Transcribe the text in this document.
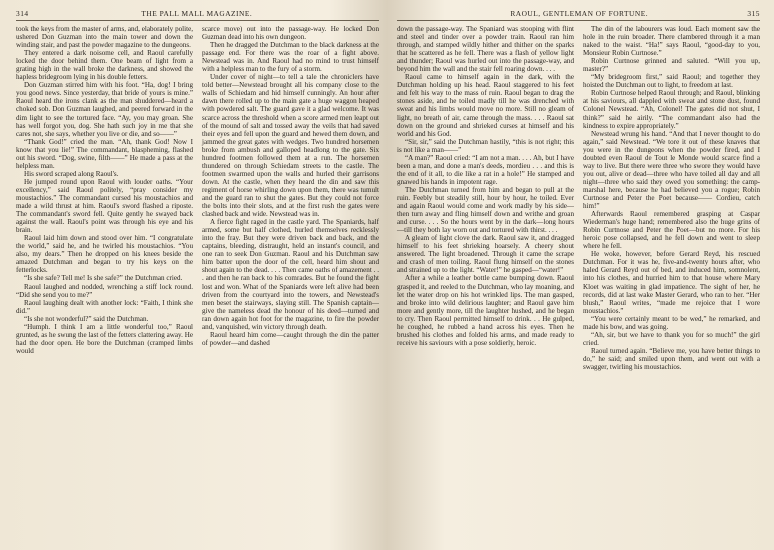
314	THE PALL MALL MAGAZINE.

took the keys from the master of arms, and, elaborately polite, ushered Don Guzman into the main tower and down the winding stair, and past the powder magazine to the dungeons.

They entered a dark noisome cell, and Raoul carefully locked the door behind them. One beam of light from a grating high in the wall broke the darkness, and showed the hapless bridegroom lying in his double fetters.

Don Guzman stirred him with his foot. “Ha, dog! I bring you good news. Since yesterday, that bride of yours is mine.” Raoul heard the irons clank as the man shuddered—heard a choked sob. Don Guzman laughed, and peered forward in the dim light to see the tortured face. “Ay, you may groan. She has well forgot you, dog. She hath such joy in me that she cares not, she says, whether you live or die, and so——”

“Thank God!” cried the man. “Ah, thank God! Now I know that you lie!” The commandant, blaspheming, flashed out his sword. “Dog, swine, filth——” He made a pass at the helpless man.

His sword scraped along Raoul's.

He jumped round upon Raoul with louder oaths. “Your excellency,” said Raoul politely, “pray consider my moustachios.” The commandant cursed his moustachios and made a wild thrust at him. Raoul's sword flashed a riposte. The commandant's sword fell. Quite gently he swayed back against the wall. Raoul's point was through his eye and his brain.

Raoul laid him down and stood over him. “I congratulate the world,” said he, and he twirled his moustachios. “You also, my dears.” Then he dropped on his knees beside the amazed Dutchman and began to try his keys on the fetterlocks.

“Is she safe? Tell me! Is she safe?” the Dutchman cried.

Raoul laughed and nodded, wrenching a stiff lock round. “Did she send you to me?”

Raoul laughing dealt with another lock: “Faith, I think she did.”

“Is she not wonderful?” said the Dutchman.

“Humph. I think I am a little wonderful too,” Raoul grunted, as he swung the last of the fetters clattering away. He had the door open. He bore the Dutchman (cramped limbs would

scarce move) out into the passage-way. He locked Don Guzman dead into his own dungeon.

Then he dragged the Dutchman to the black darkness at the passage end. For there was the roar of a fight above. Newstead was in. And Raoul had no mind to trust himself with a helpless man to the fury of a storm.

Under cover of night—to tell a tale the chroniclers have told better—Newstead brought all his company close to the walls of Schiedam and hid himself cunningly. An hour after dawn there rolled up to the main gate a huge waggon heaped with powdered salt. The guard gave it a glad welcome. It was scarce across the threshold when a score armed men leapt out of the mound of salt and tossed away the veils that had saved their eyes and fell upon the guard and hewed them down, and jammed the great gates with wedges. Two hundred horsemen broke from ambush and galloped headlong to the gate. Six hundred footmen followed them at a run. The horsemen thundered on through Schiedam streets to the castle. The footmen swarmed upon the walls and hurled their garrisons down. At the castle, when they heard the din and saw this regiment of horse whirling down upon them, there was tumult and the guard ran to shut the gates. But they could not force the bolts into their slots, and at the first rush the gates were clashed back and wide. Newstead was in.

A fierce fight raged in the castle yard. The Spaniards, half armed, some but half clothed, hurled themselves recklessly into the fray. But they were driven back and back, and the captains, bleeding, distraught, held an instant's council, and one ran to seek Don Guzman. Raoul and his Dutchman saw him batter upon the door of the cell, heard him shout and shout again to the dead. . . . Then came oaths of amazement . . . and then he ran back to his comrades. But he found the fight lost and won. What of the Spaniards were left alive had been driven from the courtyard into the towers, and Newstead's men beset the stairways, slaying still. The Spanish captain—give the nameless dead the honour of his deed—turned and ran down again hot foot for the magazine, to fire the powder and, vanquished, win victory through death.

Raoul heard him come—caught through the din the patter of powder—and dashed

RAOUL, GENTLEMAN OF FORTUNE.	315

down the passage-way. The Spaniard was stooping with flint and steel and tinder over a powder train. Raoul ran him through, and stamped wildly hither and thither on the sparks that he scattered as he fell. There was a flash of yellow light and thunder; Raoul was hurled out into the passage-way, and beyond him the wall and the stair fell roaring down. . . .

Raoul came to himself again in the dark, with the Dutchman holding up his head. Raoul staggered to his feet and felt his way to the mass of ruin. Raoul began to drag the stones aside, and he toiled madly till he was drenched with sweat and his limbs would move no more. Still no gleam of light, no breath of air, came through the mass. . . . Raoul sat down on the ground and shrieked curses at himself and his world and his God.

“Sir, sir,” said the Dutchman hastily, “this is not right; this is not like a man——”

“A man?” Raoul cried: “I am not a man. . . . Ah, but I have been a man, and done a man's deeds, mordieu . . . and this is the end of it all, to die like a rat in a hole!” He stamped and gnawed his hands in impotent rage.

The Dutchman turned from him and began to pull at the ruin. Feebly but steadily still, hour by hour, he toiled. Ever and again Raoul would come and work madly by his side—then turn away and fling himself down and writhe and groan and curse. . . . So the hours went by in the dark—long hours—till they both lay worn out and tortured with thirst. . . .

A gleam of light clove the dark. Raoul saw it, and dragged himself to his feet shrieking hoarsely. A cheery shout answered. The light broadened. Through it came the scrape and crash of men toiling. Raoul flung himself on the stones and strained up to the light. “Water!” he gasped—“water!”

After a while a leather bottle came bumping down. Raoul grasped it, and reeled to the Dutchman, who lay moaning, and let the water drop on his hot wrinkled lips. The man gasped, and broke into wild delirious laughter; and Raoul gave him more and gently more, till the laughter hushed, and he began to cry. Then Raoul permitted himself to drink. . . He gulped, he coughed, he rubbed a hand across his eyes. Then he brushed his clothes and folded his arms, and made ready to receive his saviours with a pose soldierly, heroic.

The din of the labourers was loud. Each moment saw the hole in the ruin broader. There clambered through it a man naked to the waist. “Ha!” says Raoul, “good-day to you, Monsieur Robin Curtnose.”

Robin Curtnose grinned and saluted. “Will you up, master?”

“My bridegroom first,” said Raoul; and together they hoisted the Dutchman out to light, to freedom at last.

Robin Curtnose helped Raoul through; and Raoul, blinking at his saviours, all dappled with sweat and stone dust, found Colonel Newstead. “Ah, Colonel! The gates did not shut, I think?” said he airily. “The commandant also had the kindness to expire appropriately.”

Newstead wrung his hand. “And that I never thought to do again,” said Newstead. “We tore it out of these knaves that you were in the dungeons when the powder fired, and I doubted even Raoul de Tout le Monde would scarce find a way to live. But there were three who swore they would have you out, alive or dead—three who have toiled all day and all night—three who said they owed you something: the camp-marshal here, because he had believed you a rogue; Robin Curtnose and Peter the Poet because—— Cordieu, catch him!”

Afterwards Raoul remembered grasping at Caspar Wiederman's huge hand; remembered also the huge grins of Robin Curtnose and Peter the Poet—but no more. For his heroic pose collapsed, and he fell down and went to sleep where he fell.

He woke, however, before Gerard Reyd, his rescued Dutchman. For it was he, five-and-twenty hours after, who haled Gerard Reyd out of bed, and induced him, somnolent, into his clothes, and hurried him to that house where Mary Kloet was waiting in glad impatience. The sight of her, he records, did at last wake Master Gerard, who ran to her. “Her blush,” Raoul writes, “made me rejoice that I wore moustachios.”

“You were certainly meant to be wed,” he remarked, and made his bow, and was going.

“Ah, sir, but we have to thank you for so much!” the girl cried.

Raoul turned again. “Believe me, you have better things to do,” he said; and smiled upon them, and went out with a swagger, twirling his moustachios.
